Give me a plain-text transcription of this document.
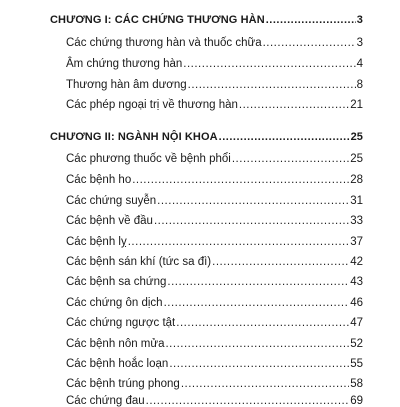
CHƯƠNG I: CÁC CHỨNG THƯƠNG HÀN .....	3
Các chứng thương hàn và thuốc chữa .....	3
Âm chứng thương hàn .....	4
Thương hàn âm dương .....	8
Các phép ngoại trị về thương hàn .....	21
CHƯƠNG II: NGÀNH NỘI KHOA .....	25
Các phương thuốc về bệnh phổi .....	25
Các bệnh ho .....	28
Các chứng suyễn .....	31
Các bệnh về đầu .....	33
Các bệnh lỵ .....	37
Các bệnh sán khí (tức sa đì) .....	42
Các bệnh sa chứng .....	43
Các chứng ôn dịch .....	46
Các chứng ngược tật .....	47
Các bệnh nôn mửa .....	52
Các bệnh hoắc loạn .....	55
Các bệnh trúng phong .....	58
Các chứng đau .....	69
